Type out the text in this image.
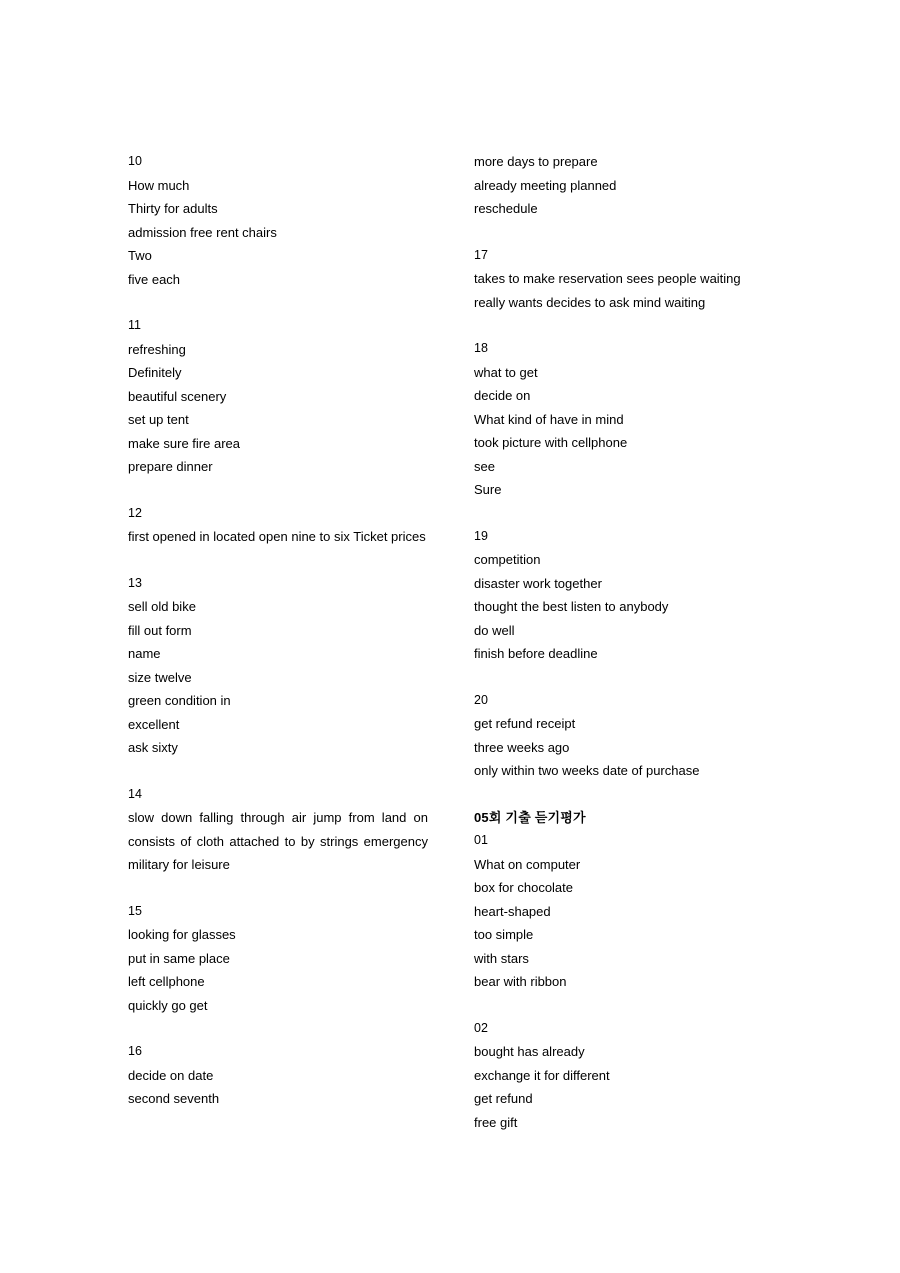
10
How much
Thirty for adults
admission free rent chairs
Two
five each
11
refreshing
Definitely
beautiful scenery
set up tent
make sure fire area
prepare dinner
12
first opened in located open nine to six Ticket prices
13
sell old bike
fill out form
name
size twelve
green condition in
excellent
ask sixty
14
slow down falling through air jump from land on consists of cloth attached to by strings emergency military for leisure
15
looking for glasses
put in same place
left cellphone
quickly go get
16
decide on date
second seventh
more days to prepare
already meeting planned
reschedule
17
takes to make reservation sees people waiting
really wants decides to ask mind waiting
18
what to get
decide on
What kind of have in mind
took picture with cellphone
see
Sure
19
competition
disaster work together
thought the best listen to anybody
do well
finish before deadline
20
get refund receipt
three weeks ago
only within two weeks date of purchase
05회 기출 듣기평가
01
What on computer
box for chocolate
heart-shaped
too simple
with stars
bear with ribbon
02
bought has already
exchange it for different
get refund
free gift
